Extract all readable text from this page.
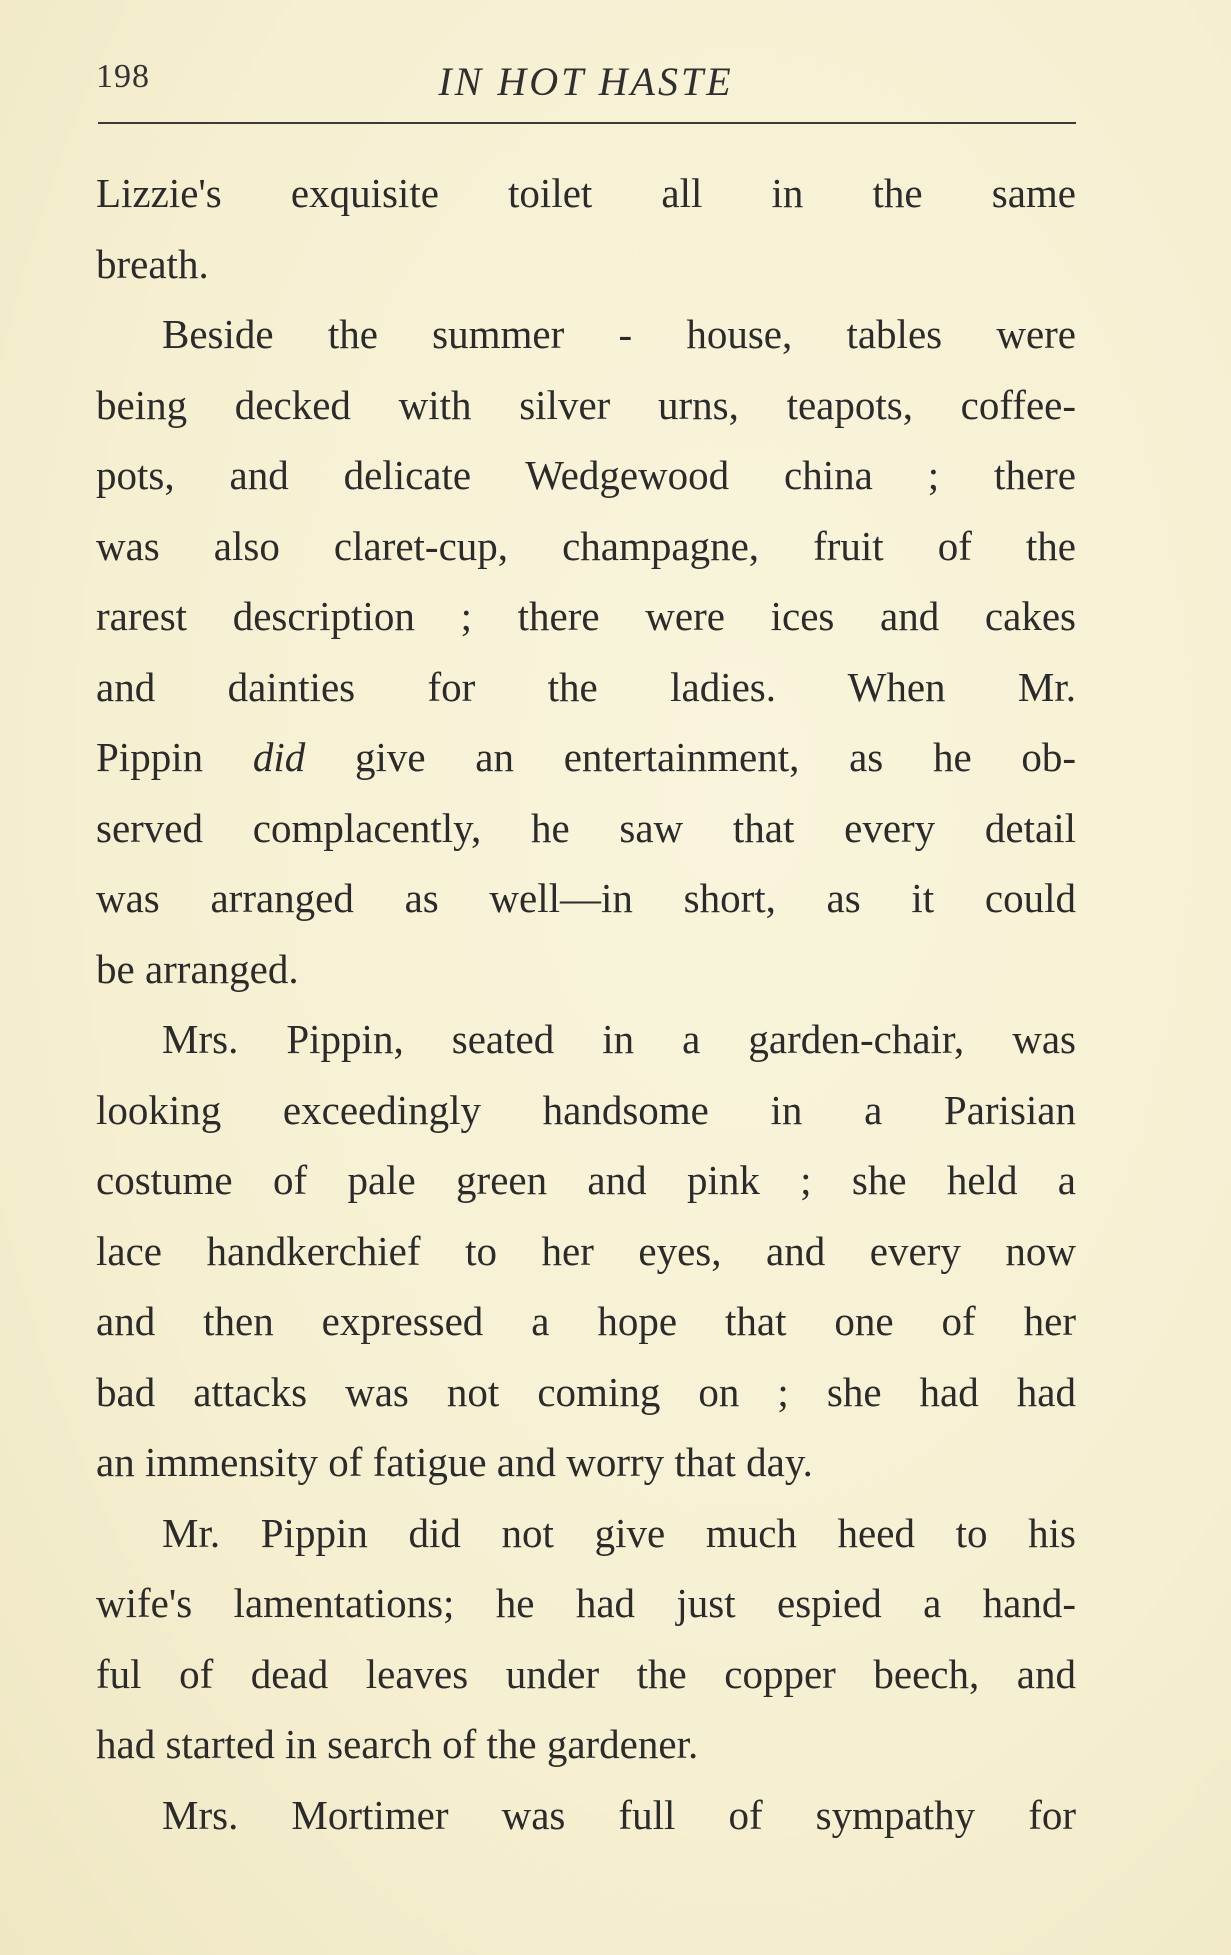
198	IN HOT HASTE
Lizzie's exquisite toilet all in the same
breath.
Beside the summer - house, tables were
being decked with silver urns, teapots, coffee-
pots, and delicate Wedgewood china ; there
was also claret-cup, champagne, fruit of the
rarest description ; there were ices and cakes
and dainties for the ladies. When Mr.
Pippin did give an entertainment, as he ob-
served complacently, he saw that every detail
was arranged as well—in short, as it could
be arranged.
Mrs. Pippin, seated in a garden-chair, was
looking exceedingly handsome in a Parisian
costume of pale green and pink ; she held a
lace handkerchief to her eyes, and every now
and then expressed a hope that one of her
bad attacks was not coming on ; she had had
an immensity of fatigue and worry that day.
Mr. Pippin did not give much heed to his
wife's lamentations; he had just espied a hand-
ful of dead leaves under the copper beech, and
had started in search of the gardener.
Mrs. Mortimer was full of sympathy for
